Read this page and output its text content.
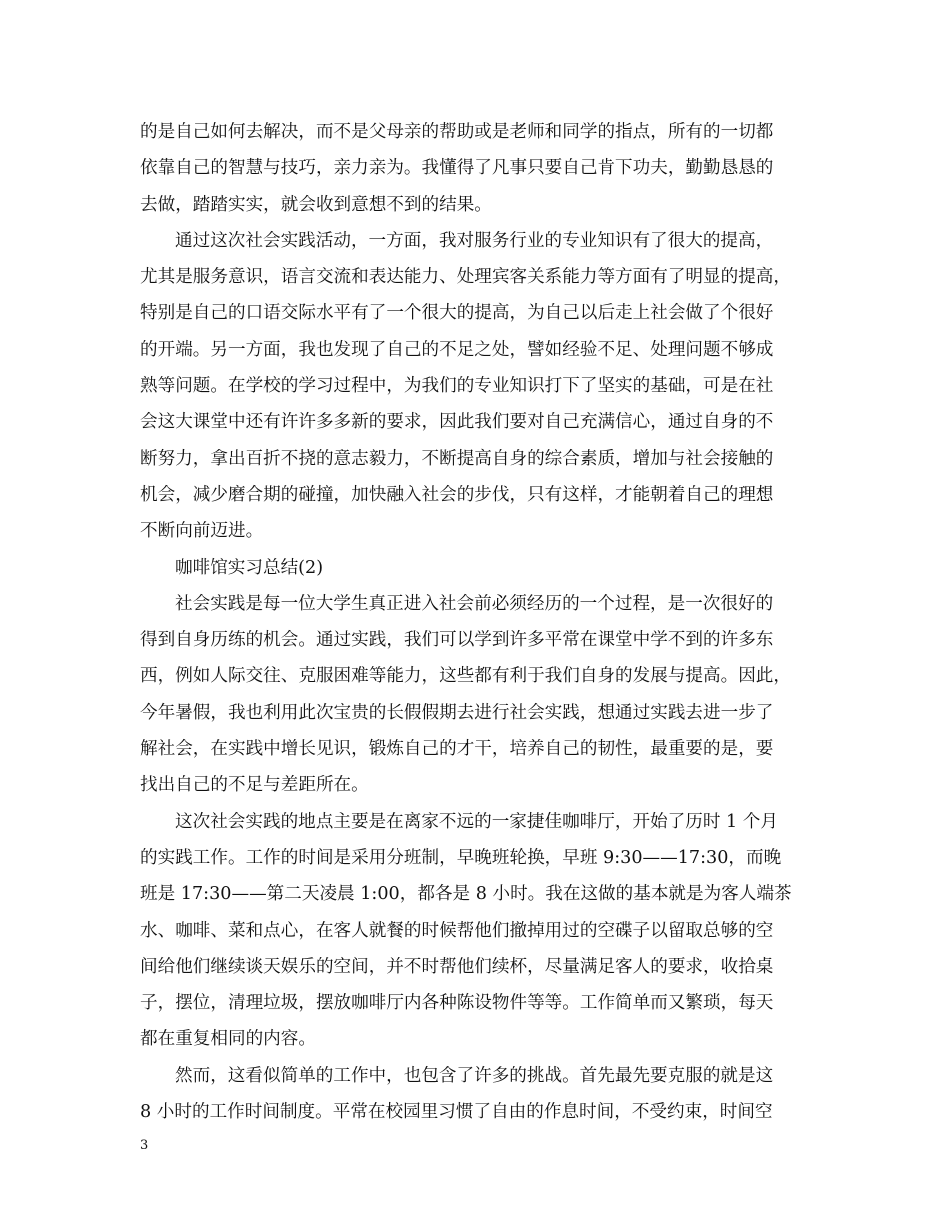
的是自己如何去解决，而不是父母亲的帮助或是老师和同学的指点，所有的一切都
依靠自己的智慧与技巧，亲力亲为。我懂得了凡事只要自己肯下功夫，勤勤恳恳的
去做，踏踏实实，就会收到意想不到的结果。
通过这次社会实践活动，一方面，我对服务行业的专业知识有了很大的提高，
尤其是服务意识，语言交流和表达能力、处理宾客关系能力等方面有了明显的提高，
特别是自己的口语交际水平有了一个很大的提高，为自己以后走上社会做了个很好
的开端。另一方面，我也发现了自己的不足之处，譬如经验不足、处理问题不够成
熟等问题。在学校的学习过程中，为我们的专业知识打下了坚实的基础，可是在社
会这大课堂中还有许许多多新的要求，因此我们要对自己充满信心，通过自身的不
断努力，拿出百折不挠的意志毅力，不断提高自身的综合素质，增加与社会接触的
机会，减少磨合期的碰撞，加快融入社会的步伐，只有这样，才能朝着自己的理想
不断向前迈进。
咖啡馆实习总结(2)
社会实践是每一位大学生真正进入社会前必须经历的一个过程，是一次很好的
得到自身历练的机会。通过实践，我们可以学到许多平常在课堂中学不到的许多东
西，例如人际交往、克服困难等能力，这些都有利于我们自身的发展与提高。因此，
今年暑假，我也利用此次宝贵的长假假期去进行社会实践，想通过实践去进一步了
解社会，在实践中增长见识，锻炼自己的才干，培养自己的韧性，最重要的是，要
找出自己的不足与差距所在。
这次社会实践的地点主要是在离家不远的一家捷佳咖啡厅，开始了历时 1 个月
的实践工作。工作的时间是采用分班制，早晚班轮换，早班 9:30——17:30，而晚
班是 17:30——第二天凌晨 1:00，都各是 8 小时。我在这做的基本就是为客人端茶
水、咖啡、菜和点心，在客人就餐的时候帮他们撤掉用过的空碟子以留取总够的空
间给他们继续谈天娱乐的空间，并不时帮他们续杯，尽量满足客人的要求，收拾桌
子，摆位，清理垃圾，摆放咖啡厅内各种陈设物件等等。工作简单而又繁琐，每天
都在重复相同的内容。
然而，这看似简单的工作中，也包含了许多的挑战。首先最先要克服的就是这
8 小时的工作时间制度。平常在校园里习惯了自由的作息时间，不受约束，时间空
3
